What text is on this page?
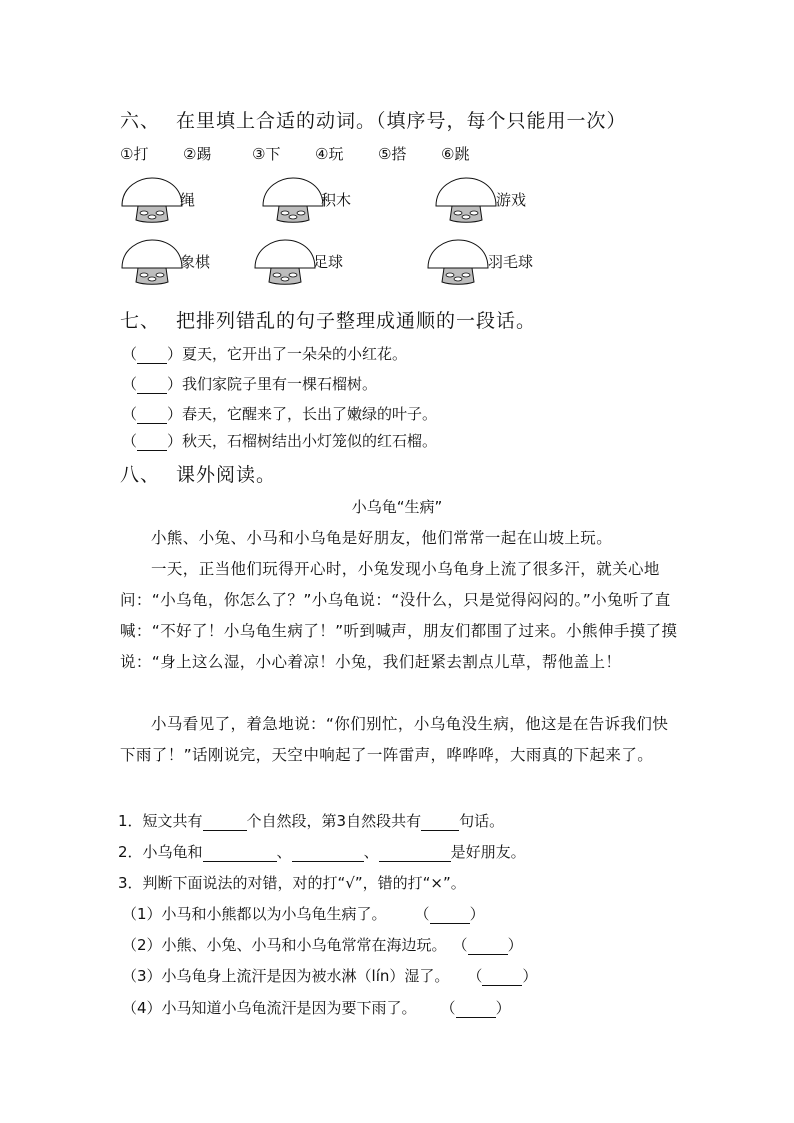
六、 在里填上合适的动词。（填序号，每个只能用一次）
①打	②踢	③下	④玩	⑤搭	⑥跳
绳	积木	游戏
象棋	足球	羽毛球
七、 把排列错乱的句子整理成通顺的一段话。
（ ）夏天，它开出了一朵朵的小红花。
（ ）我们家院子里有一棵石榴树。
（ ）春天，它醒来了，长出了嫩绿的叶子。
（ ）秋天，石榴树结出小灯笼似的红石榴。
八、 课外阅读。
小乌龟“生病”
小熊、小兔、小马和小乌龟是好朋友，他们常常一起在山坡上玩。
一天，正当他们玩得开心时，小兔发现小乌龟身上流了很多汗，就关心地问：“小乌龟，你怎么了？”小乌龟说：“没什么，只是觉得闷闷的。”小兔听了直喊：“不好了！小乌龟生病了！”听到喊声，朋友们都围了过来。小熊伸手摸了摸说：“身上这么湿，小心着凉！小兔，我们赶紧去割点儿草，帮他盖上！
小马看见了，着急地说：“你们别忙，小乌龟没生病，他这是在告诉我们快下雨了！”话刚说完，天空中响起了一阵雷声，哗哗哗，大雨真的下起来了。
1．短文共有	个自然段，第3自然段共有	句话。
2．小乌龟和	、	、	是好朋友。
3．判断下面说法的对错，对的打“√”，错的打“×”。
（1）小马和小熊都以为小乌龟生病了。 （	）
（2）小熊、小兔、小马和小乌龟常常在海边玩。 （	）
（3）小乌龟身上流汗是因为被水淋（lín）湿了。 （	）
（4）小马知道小乌龟流汗是因为要下雨了。 （	）
